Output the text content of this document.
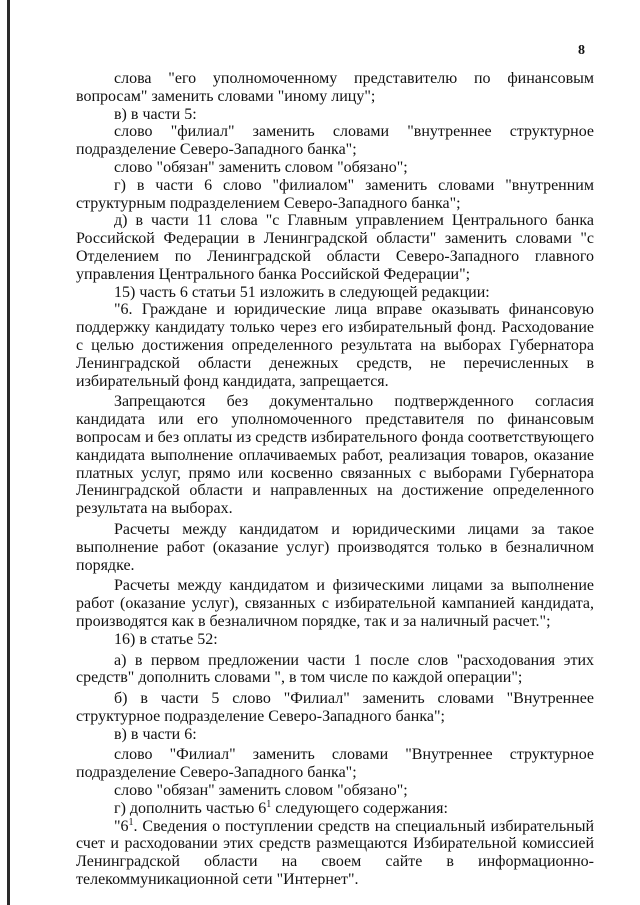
8

слова "его уполномоченному представителю по финансовым вопросам" заменить словами "иному лицу";

в) в части 5:

слово "филиал" заменить словами "внутреннее структурное подразделение Северо-Западного банка";

слово "обязан" заменить словом "обязано";

г) в части 6 слово "филиалом" заменить словами "внутренним структурным подразделением Северо-Западного банка";

д) в части 11 слова "с Главным управлением Центрального банка Российской Федерации в Ленинградской области" заменить словами "с Отделением по Ленинградской области Северо-Западного главного управления Центрального банка Российской Федерации";

15) часть 6 статьи 51 изложить в следующей редакции:

"6. Граждане и юридические лица вправе оказывать финансовую поддержку кандидату только через его избирательный фонд. Расходование с целью достижения определенного результата на выборах Губернатора Ленинградской области денежных средств, не перечисленных в избирательный фонд кандидата, запрещается.

Запрещаются без документально подтвержденного согласия кандидата или его уполномоченного представителя по финансовым вопросам и без оплаты из средств избирательного фонда соответствующего кандидата выполнение оплачиваемых работ, реализация товаров, оказание платных услуг, прямо или косвенно связанных с выборами Губернатора Ленинградской области и направленных на достижение определенного результата на выборах.

Расчеты между кандидатом и юридическими лицами за такое выполнение работ (оказание услуг) производятся только в безналичном порядке.

Расчеты между кандидатом и физическими лицами за выполнение работ (оказание услуг), связанных с избирательной кампанией кандидата, производятся как в безналичном порядке, так и за наличный расчет.";

16) в статье 52:

а) в первом предложении части 1 после слов "расходования этих средств" дополнить словами ", в том числе по каждой операции";

б) в части 5 слово "Филиал" заменить словами "Внутреннее структурное подразделение Северо-Западного банка";

в) в части 6:

слово "Филиал" заменить словами "Внутреннее структурное подразделение Северо-Западного банка";

слово "обязан" заменить словом "обязано";

г) дополнить частью $6^1$ следующего содержания:

"$6^1$. Сведения о поступлении средств на специальный избирательный счет и расходовании этих средств размещаются Избирательной комиссией Ленинградской области на своем сайте в информационно-телекоммуникационной сети "Интернет".
